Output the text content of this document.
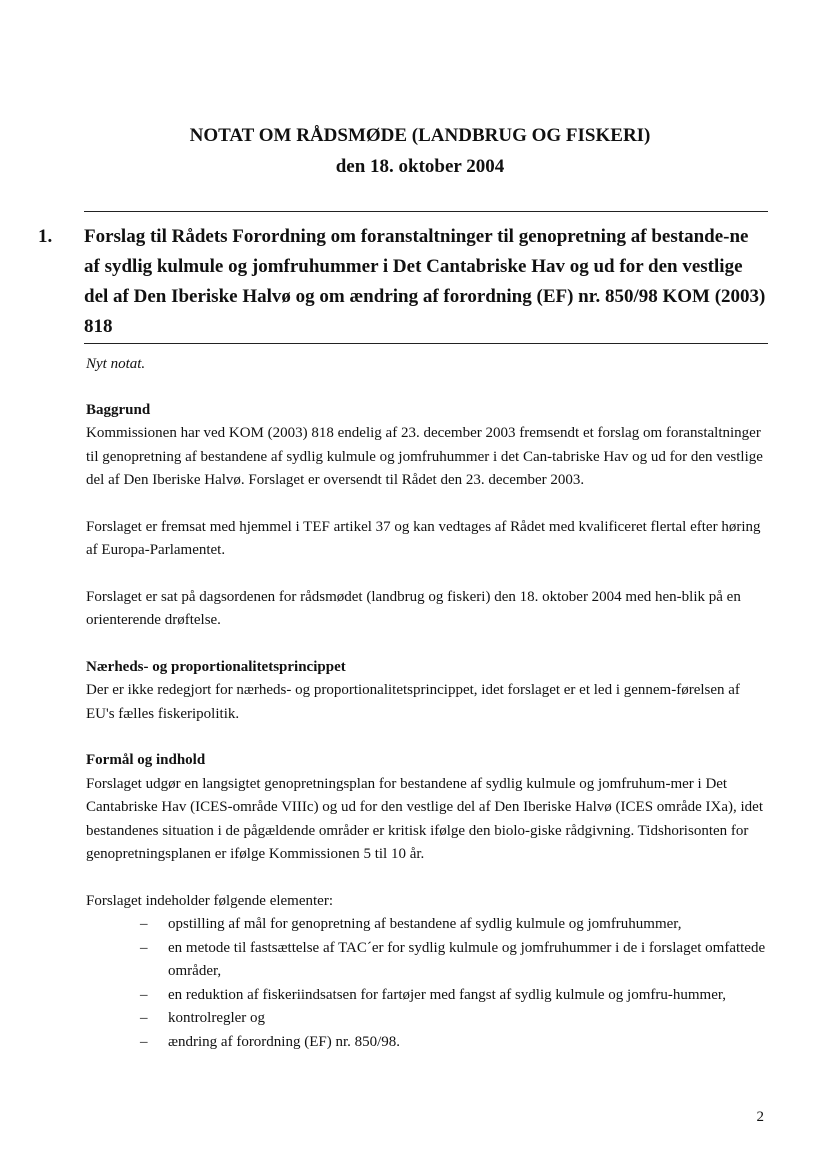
NOTAT OM RÅDSMØDE (LANDBRUG OG FISKERI)
den 18. oktober 2004
1. Forslag til Rådets Forordning om foranstaltninger til genopretning af bestande-ne af sydlig kulmule og jomfruhummer i Det Cantabriske Hav og ud for den vestlige del af Den Iberiske Halvø og om ændring af forordning (EF) nr. 850/98 KOM (2003) 818

Nyt notat.

Baggrund

Kommissionen har ved KOM (2003) 818 endelig af 23. december 2003 fremsendt et forslag om foranstaltninger til genopretning af bestandene af sydlig kulmule og jomfruhummer i det Can-tabriske Hav og ud for den vestlige del af Den Iberiske Halvø. Forslaget er oversendt til Rådet den 23. december 2003.

Forslaget er fremsat med hjemmel i TEF artikel 37 og kan vedtages af Rådet med kvalificeret flertal efter høring af Europa-Parlamentet.

Forslaget er sat på dagsordenen for rådsmødet (landbrug og fiskeri) den 18. oktober 2004 med hen-blik på en orienterende drøftelse.

Nærheds- og proportionalitetsprincippet

Der er ikke redegjort for nærheds- og proportionalitetsprincippet, idet forslaget er et led i gennem-førelsen af EU's fælles fiskeripolitik.

Formål og indhold

Forslaget udgør en langsigtet genopretningsplan for bestandene af sydlig kulmule og jomfruhum-mer i Det Cantabriske Hav (ICES-område VIIIc) og ud for den vestlige del af Den Iberiske Halvø (ICES område IXa), idet bestandenes situation i de pågældende områder er kritisk ifølge den biolo-giske rådgivning. Tidshorisonten for genopretningsplanen er ifølge Kommissionen 5 til 10 år.

Forslaget indeholder følgende elementer:

– opstilling af mål for genopretning af bestandene af sydlig kulmule og jomfruhummer,
– en metode til fastsættelse af TAC´er for sydlig kulmule og jomfruhummer i de i forslaget omfattede områder,
– en reduktion af fiskeriindsatsen for fartøjer med fangst af sydlig kulmule og jomfru-hummer,
– kontrolregler og
– ændring af forordning (EF) nr. 850/98.
2
